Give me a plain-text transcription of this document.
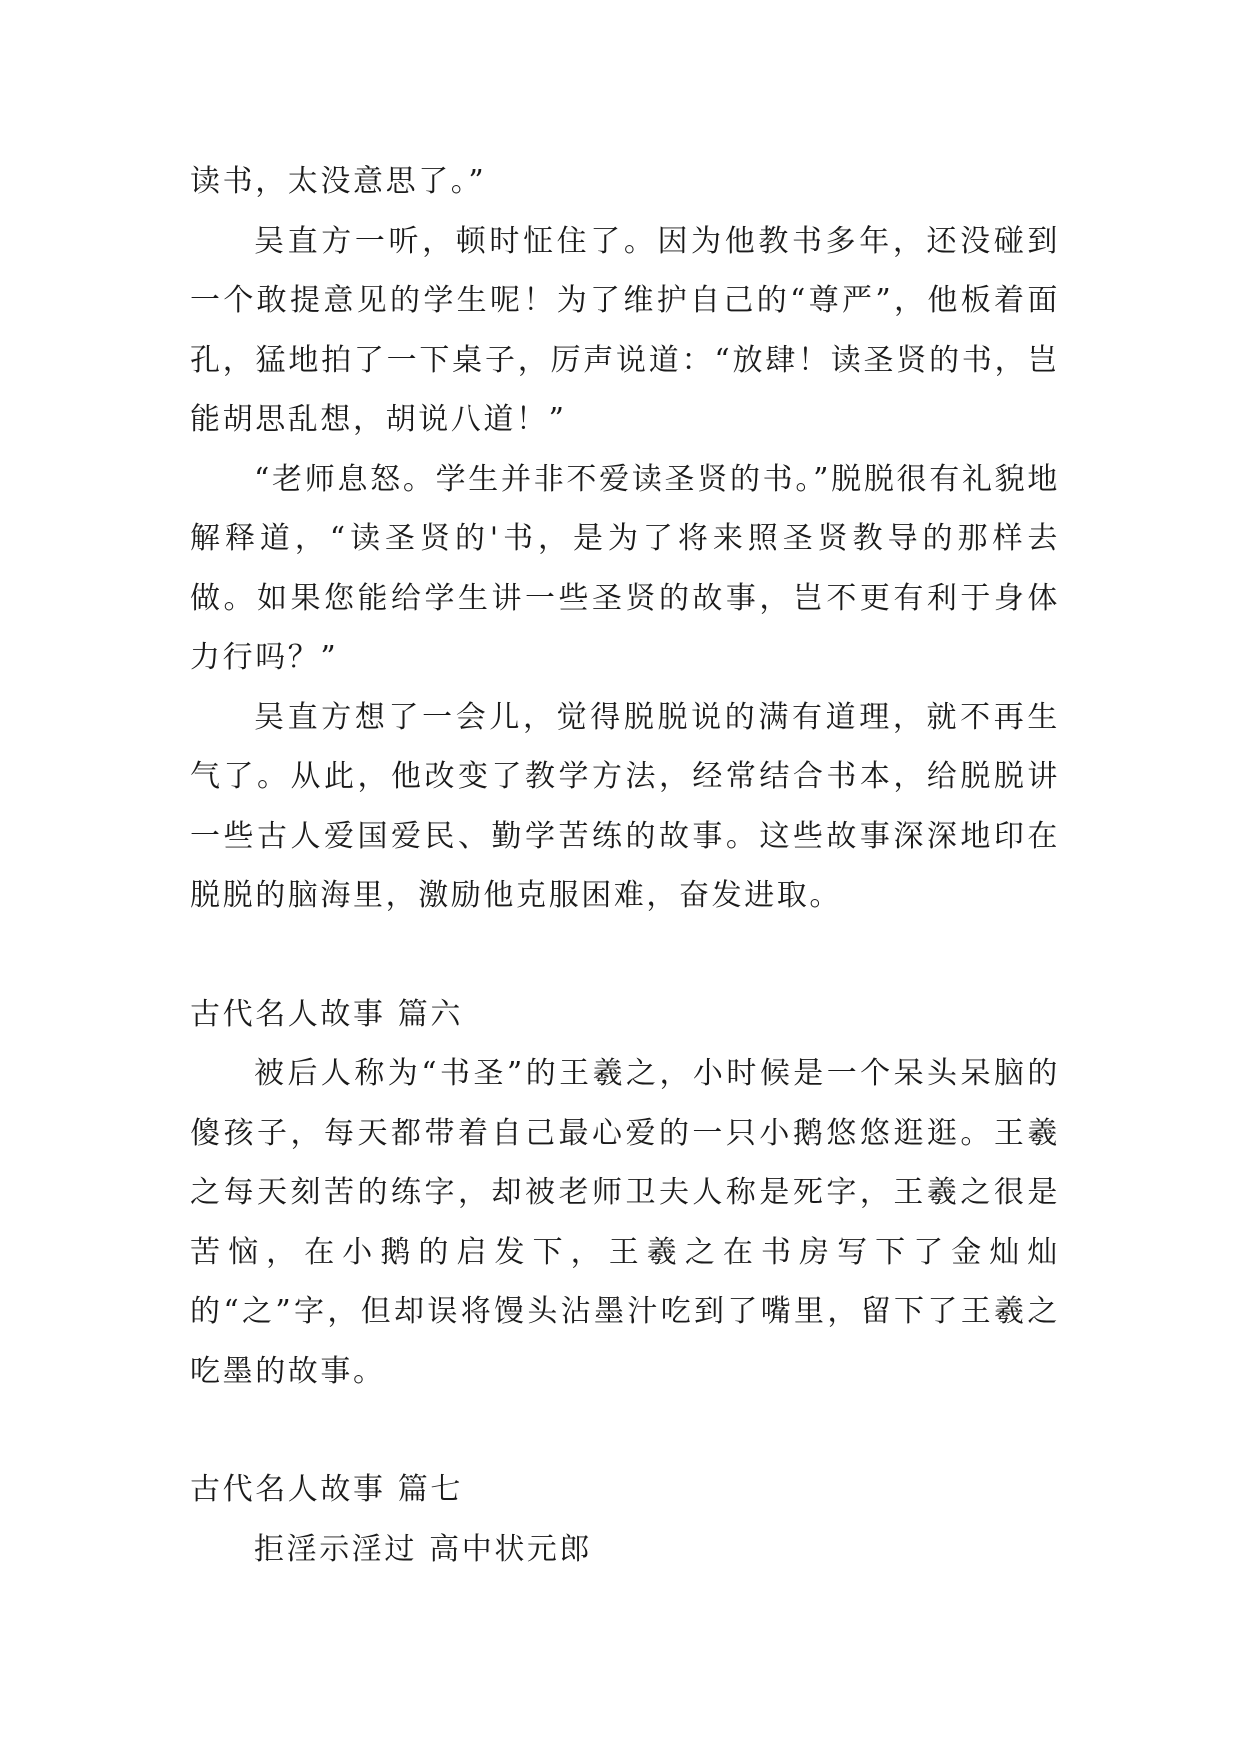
读书，太没意思了。”

吴直方一听，顿时怔住了。因为他教书多年，还没碰到一个敢提意见的学生呢！为了维护自己的“尊严”，他板着面孔，猛地拍了一下桌子，厉声说道：“放肆！读圣贤的书，岂能胡思乱想，胡说八道！”

“老师息怒。学生并非不爱读圣贤的书。”脱脱很有礼貌地解释道，“读圣贤的'书，是为了将来照圣贤教导的那样去做。如果您能给学生讲一些圣贤的故事，岂不更有利于身体力行吗？”

吴直方想了一会儿，觉得脱脱说的满有道理，就不再生气了。从此，他改变了教学方法，经常结合书本，给脱脱讲一些古人爱国爱民、勤学苦练的故事。这些故事深深地印在脱脱的脑海里，激励他克服困难，奋发进取。

古代名人故事 篇六

被后人称为“书圣”的王羲之，小时候是一个呆头呆脑的傻孩子，每天都带着自己最心爱的一只小鹅悠悠逛逛。王羲之每天刻苦的练字，却被老师卫夫人称是死字，王羲之很是苦恼，在小鹅的启发下，王羲之在书房写下了金灿灿的“之”字，但却误将馒头沾墨汁吃到了嘴里，留下了王羲之吃墨的故事。

古代名人故事 篇七

拒淫示淫过 高中状元郎
